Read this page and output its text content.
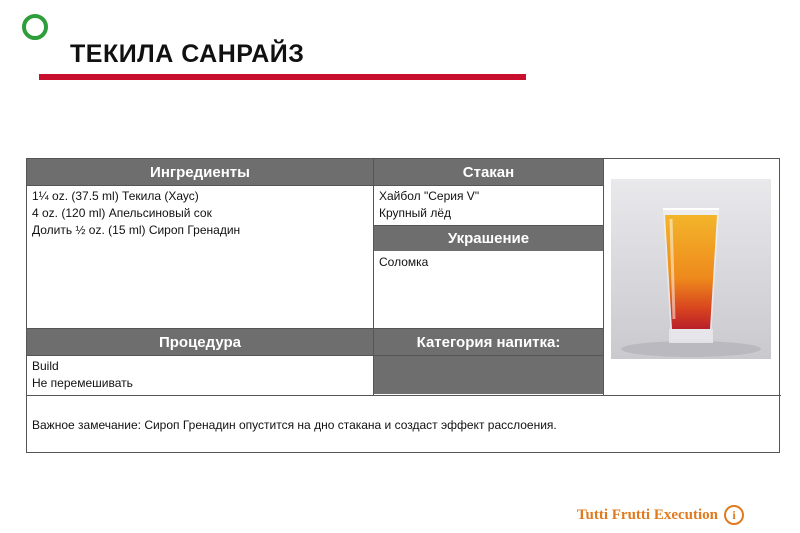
ТЕКИЛА САНРАЙЗ
Ингредиенты	Стакан
1¼ oz. (37.5 ml) Текила (Хаус)
4 oz. (120 ml) Апельсиновый сок
Долить ½ oz. (15 ml) Сироп Гренадин
Хайбол "Серия V"
Крупный лёд
Украшение
Соломка
Процедура	Категория напитка:
Build
Не перемешивать
Важное замечание: Сироп Гренадин опустится на дно стакана и создаст эффект расслоения.
Tutti Frutti Execution	i
